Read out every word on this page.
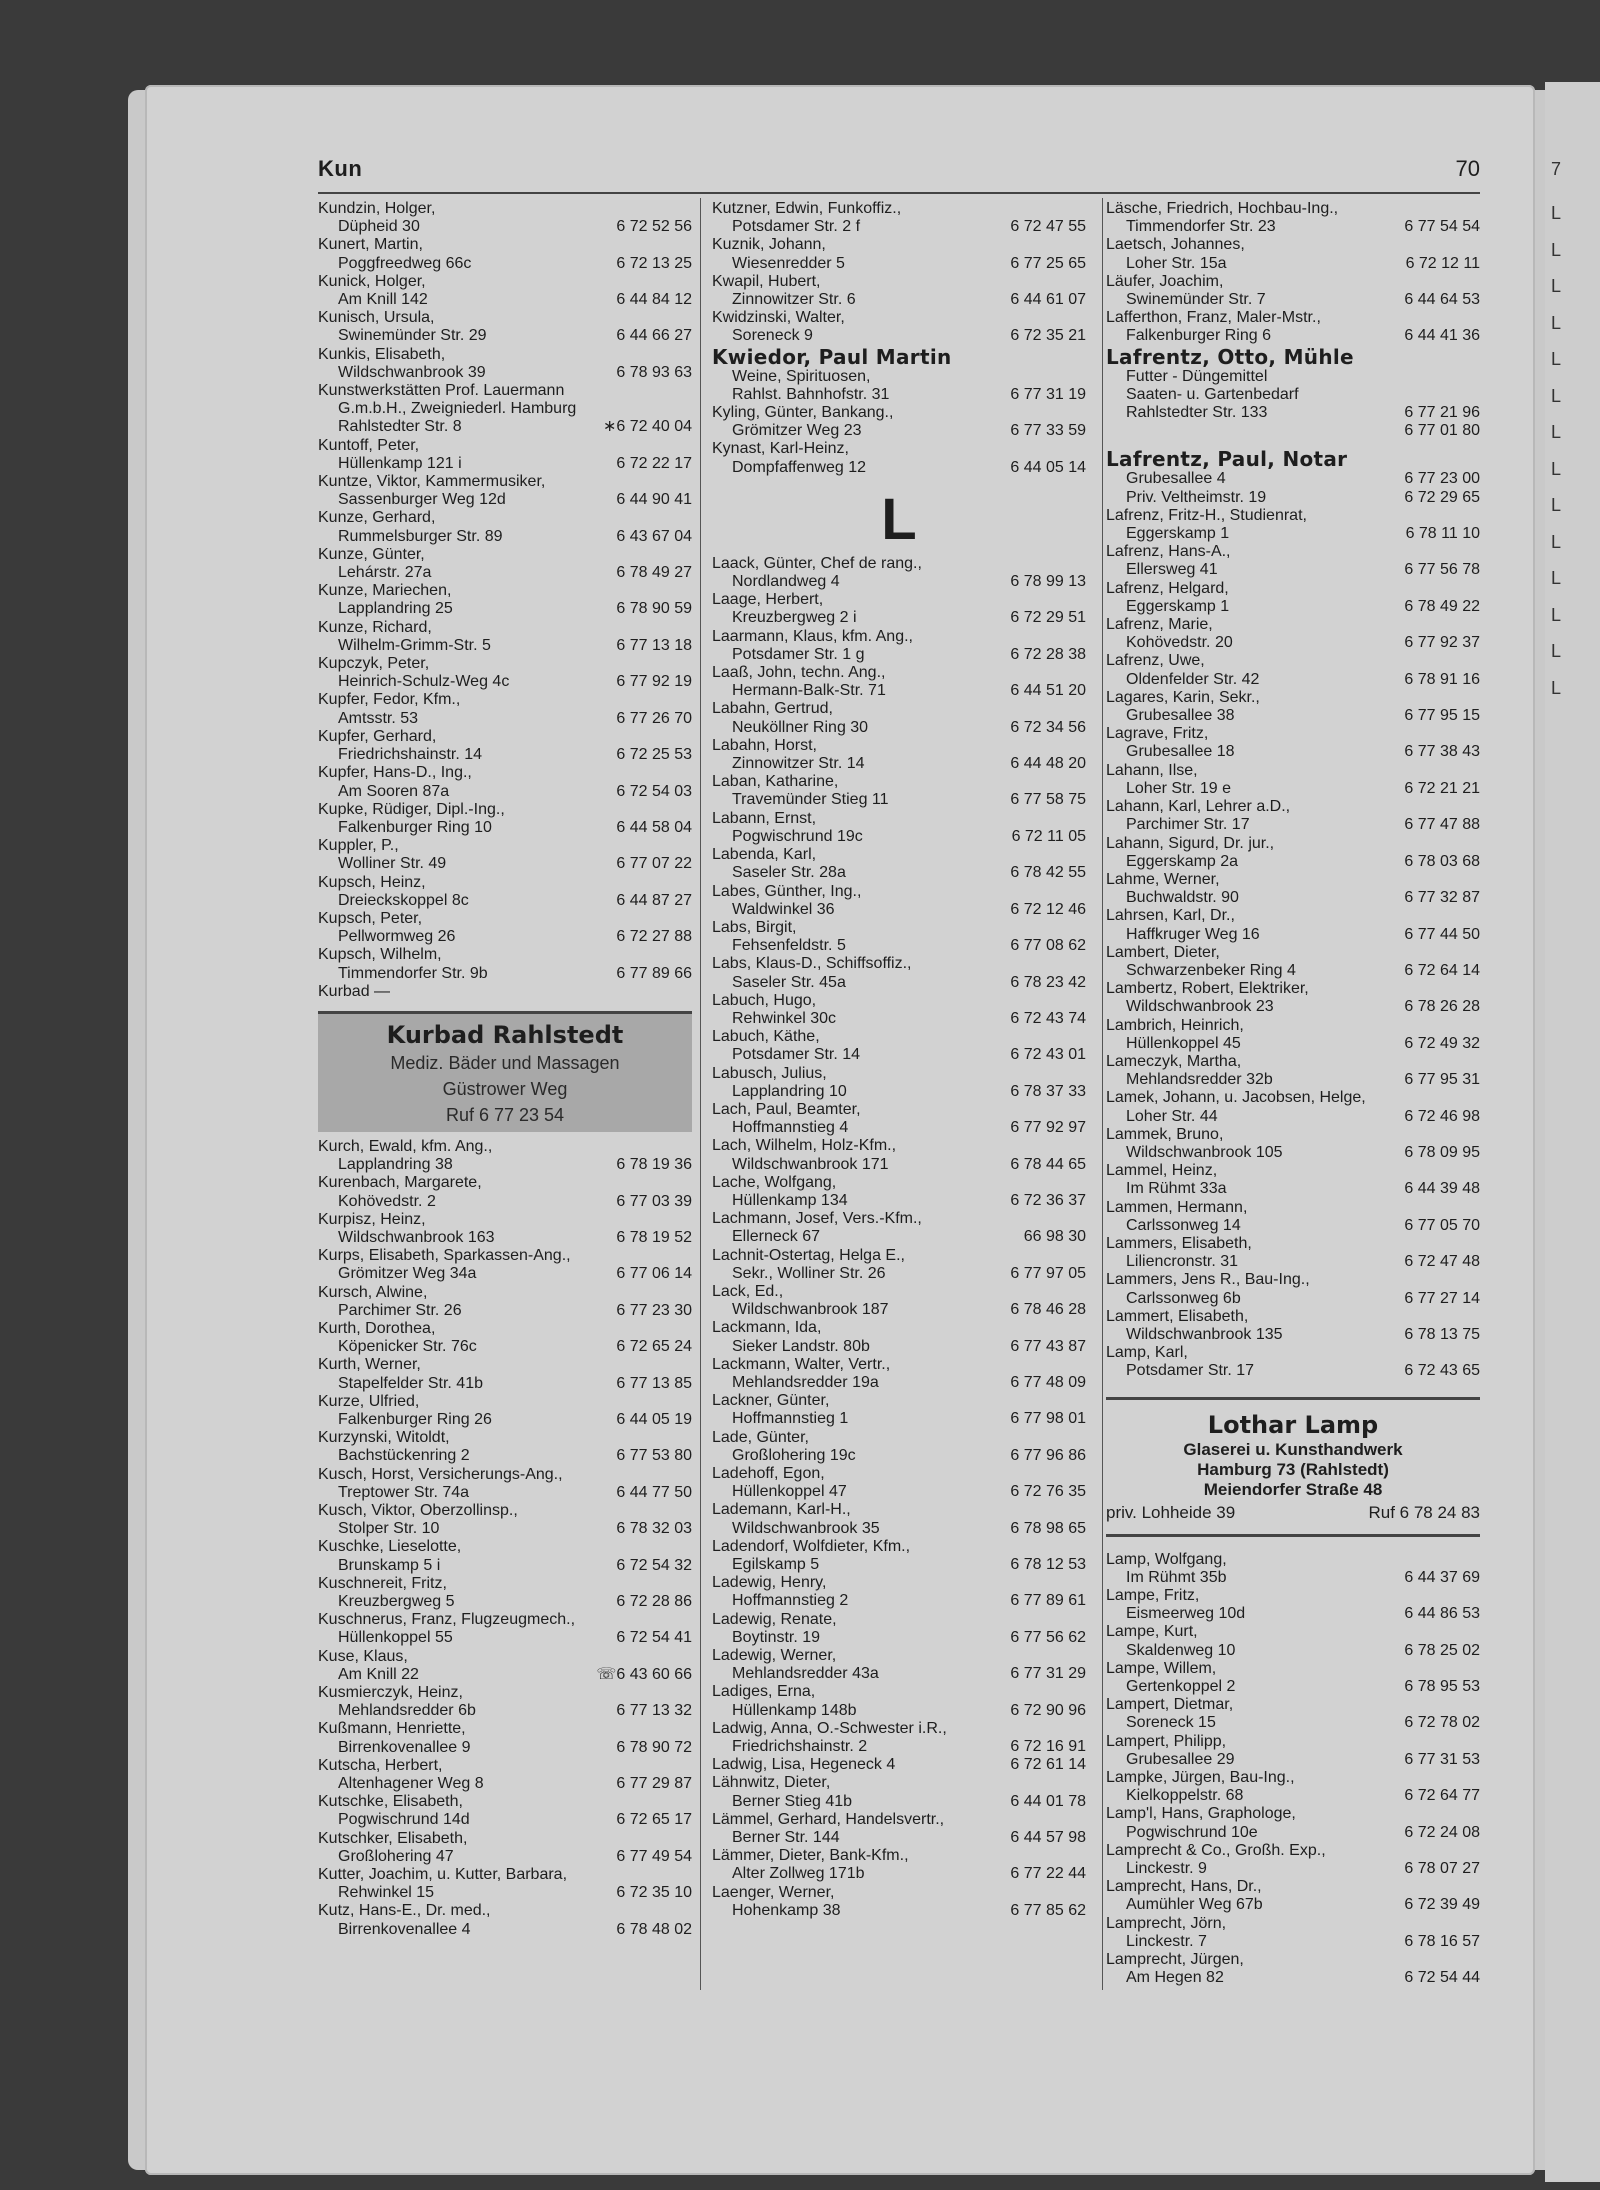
7
L
L
L
L
L
L
L
L
L
L
L
L
L
L
Kun	70
Kundzin, Holger,
Düpheid 30	6 72 52 56
Kunert, Martin,
Poggfreedweg 66c	6 72 13 25
Kunick, Holger,
Am Knill 142	6 44 84 12
Kunisch, Ursula,
Swinemünder Str. 29	6 44 66 27
Kunkis, Elisabeth,
Wildschwanbrook 39	6 78 93 63
Kunstwerkstätten Prof. Lauermann
G.m.b.H., Zweigniederl. Hamburg
Rahlstedter Str. 8	∗6 72 40 04
Kuntoff, Peter,
Hüllenkamp 121 i	6 72 22 17
Kuntze, Viktor, Kammermusiker,
Sassenburger Weg 12d	6 44 90 41
Kunze, Gerhard,
Rummelsburger Str. 89	6 43 67 04
Kunze, Günter,
Lehárstr. 27a	6 78 49 27
Kunze, Mariechen,
Lapplandring 25	6 78 90 59
Kunze, Richard,
Wilhelm-Grimm-Str. 5	6 77 13 18
Kupczyk, Peter,
Heinrich-Schulz-Weg 4c	6 77 92 19
Kupfer, Fedor, Kfm.,
Amtsstr. 53	6 77 26 70
Kupfer, Gerhard,
Friedrichshainstr. 14	6 72 25 53
Kupfer, Hans-D., Ing.,
Am Sooren 87a	6 72 54 03
Kupke, Rüdiger, Dipl.-Ing.,
Falkenburger Ring 10	6 44 58 04
Kuppler, P.,
Wolliner Str. 49	6 77 07 22
Kupsch, Heinz,
Dreieckskoppel 8c	6 44 87 27
Kupsch, Peter,
Pellwormweg 26	6 72 27 88
Kupsch, Wilhelm,
Timmendorfer Str. 9b	6 77 89 66
Kurbad —
Kurbad Rahlstedt
Mediz. Bäder und Massagen
Güstrower Weg
Ruf 6 77 23 54
Kurch, Ewald, kfm. Ang.,
Lapplandring 38	6 78 19 36
Kurenbach, Margarete,
Kohövedstr. 2	6 77 03 39
Kurpisz, Heinz,
Wildschwanbrook 163	6 78 19 52
Kurps, Elisabeth, Sparkassen-Ang.,
Grömitzer Weg 34a	6 77 06 14
Kursch, Alwine,
Parchimer Str. 26	6 77 23 30
Kurth, Dorothea,
Köpenicker Str. 76c	6 72 65 24
Kurth, Werner,
Stapelfelder Str. 41b	6 77 13 85
Kurze, Ulfried,
Falkenburger Ring 26	6 44 05 19
Kurzynski, Witoldt,
Bachstückenring 2	6 77 53 80
Kusch, Horst, Versicherungs-Ang.,
Treptower Str. 74a	6 44 77 50
Kusch, Viktor, Oberzollinsp.,
Stolper Str. 10	6 78 32 03
Kuschke, Lieselotte,
Brunskamp 5 i	6 72 54 32
Kuschnereit, Fritz,
Kreuzbergweg 5	6 72 28 86
Kuschnerus, Franz, Flugzeugmech.,
Hüllenkoppel 55	6 72 54 41
Kuse, Klaus,
Am Knill 22	☏6 43 60 66
Kusmierczyk, Heinz,
Mehlandsredder 6b	6 77 13 32
Kußmann, Henriette,
Birrenkovenallee 9	6 78 90 72
Kutscha, Herbert,
Altenhagener Weg 8	6 77 29 87
Kutschke, Elisabeth,
Pogwischrund 14d	6 72 65 17
Kutschker, Elisabeth,
Großlohering 47	6 77 49 54
Kutter, Joachim, u. Kutter, Barbara,
Rehwinkel 15	6 72 35 10
Kutz, Hans-E., Dr. med.,
Birrenkovenallee 4	6 78 48 02
Kutzner, Edwin, Funkoffiz.,
Potsdamer Str. 2 f	6 72 47 55
Kuznik, Johann,
Wiesenredder 5	6 77 25 65
Kwapil, Hubert,
Zinnowitzer Str. 6	6 44 61 07
Kwidzinski, Walter,
Soreneck 9	6 72 35 21
Kwiedor, Paul Martin
Weine, Spirituosen,
Rahlst. Bahnhofstr. 31	6 77 31 19
Kyling, Günter, Bankang.,
Grömitzer Weg 23	6 77 33 59
Kynast, Karl-Heinz,
Dompfaffenweg 12	6 44 05 14
L
Laack, Günter, Chef de rang.,
Nordlandweg 4	6 78 99 13
Laage, Herbert,
Kreuzbergweg 2 i	6 72 29 51
Laarmann, Klaus, kfm. Ang.,
Potsdamer Str. 1 g	6 72 28 38
Laaß, John, techn. Ang.,
Hermann-Balk-Str. 71	6 44 51 20
Labahn, Gertrud,
Neuköllner Ring 30	6 72 34 56
Labahn, Horst,
Zinnowitzer Str. 14	6 44 48 20
Laban, Katharine,
Travemünder Stieg 11	6 77 58 75
Labann, Ernst,
Pogwischrund 19c	6 72 11 05
Labenda, Karl,
Saseler Str. 28a	6 78 42 55
Labes, Günther, Ing.,
Waldwinkel 36	6 72 12 46
Labs, Birgit,
Fehsenfeldstr. 5	6 77 08 62
Labs, Klaus-D., Schiffsoffiz.,
Saseler Str. 45a	6 78 23 42
Labuch, Hugo,
Rehwinkel 30c	6 72 43 74
Labuch, Käthe,
Potsdamer Str. 14	6 72 43 01
Labusch, Julius,
Lapplandring 10	6 78 37 33
Lach, Paul, Beamter,
Hoffmannstieg 4	6 77 92 97
Lach, Wilhelm, Holz-Kfm.,
Wildschwanbrook 171	6 78 44 65
Lache, Wolfgang,
Hüllenkamp 134	6 72 36 37
Lachmann, Josef, Vers.-Kfm.,
Ellerneck 67	66 98 30
Lachnit-Ostertag, Helga E.,
Sekr., Wolliner Str. 26	6 77 97 05
Lack, Ed.,
Wildschwanbrook 187	6 78 46 28
Lackmann, Ida,
Sieker Landstr. 80b	6 77 43 87
Lackmann, Walter, Vertr.,
Mehlandsredder 19a	6 77 48 09
Lackner, Günter,
Hoffmannstieg 1	6 77 98 01
Lade, Günter,
Großlohering 19c	6 77 96 86
Ladehoff, Egon,
Hüllenkoppel 47	6 72 76 35
Lademann, Karl-H.,
Wildschwanbrook 35	6 78 98 65
Ladendorf, Wolfdieter, Kfm.,
Egilskamp 5	6 78 12 53
Ladewig, Henry,
Hoffmannstieg 2	6 77 89 61
Ladewig, Renate,
Boytinstr. 19	6 77 56 62
Ladewig, Werner,
Mehlandsredder 43a	6 77 31 29
Ladiges, Erna,
Hüllenkamp 148b	6 72 90 96
Ladwig, Anna, O.-Schwester i.R.,
Friedrichshainstr. 2	6 72 16 91
Ladwig, Lisa, Hegeneck 4	6 72 61 14
Lähnwitz, Dieter,
Berner Stieg 41b	6 44 01 78
Lämmel, Gerhard, Handelsvertr.,
Berner Str. 144	6 44 57 98
Lämmer, Dieter, Bank-Kfm.,
Alter Zollweg 171b	6 77 22 44
Laenger, Werner,
Hohenkamp 38	6 77 85 62
Läsche, Friedrich, Hochbau-Ing.,
Timmendorfer Str. 23	6 77 54 54
Laetsch, Johannes,
Loher Str. 15a	6 72 12 11
Läufer, Joachim,
Swinemünder Str. 7	6 44 64 53
Lafferthon, Franz, Maler-Mstr.,
Falkenburger Ring 6	6 44 41 36
Lafrentz, Otto, Mühle
Futter - Düngemittel
Saaten- u. Gartenbedarf
Rahlstedter Str. 133	6 77 21 96
6 77 01 80
Lafrentz, Paul, Notar
Grubesallee 4	6 77 23 00
Priv. Veltheimstr. 19	6 72 29 65
Lafrenz, Fritz-H., Studienrat,
Eggerskamp 1	6 78 11 10
Lafrenz, Hans-A.,
Ellersweg 41	6 77 56 78
Lafrenz, Helgard,
Eggerskamp 1	6 78 49 22
Lafrenz, Marie,
Kohövedstr. 20	6 77 92 37
Lafrenz, Uwe,
Oldenfelder Str. 42	6 78 91 16
Lagares, Karin, Sekr.,
Grubesallee 38	6 77 95 15
Lagrave, Fritz,
Grubesallee 18	6 77 38 43
Lahann, Ilse,
Loher Str. 19 e	6 72 21 21
Lahann, Karl, Lehrer a.D.,
Parchimer Str. 17	6 77 47 88
Lahann, Sigurd, Dr. jur.,
Eggerskamp 2a	6 78 03 68
Lahme, Werner,
Buchwaldstr. 90	6 77 32 87
Lahrsen, Karl, Dr.,
Haffkruger Weg 16	6 77 44 50
Lambert, Dieter,
Schwarzenbeker Ring 4	6 72 64 14
Lambertz, Robert, Elektriker,
Wildschwanbrook 23	6 78 26 28
Lambrich, Heinrich,
Hüllenkoppel 45	6 72 49 32
Lameczyk, Martha,
Mehlandsredder 32b	6 77 95 31
Lamek, Johann, u. Jacobsen, Helge,
Loher Str. 44	6 72 46 98
Lammek, Bruno,
Wildschwanbrook 105	6 78 09 95
Lammel, Heinz,
Im Rühmt 33a	6 44 39 48
Lammen, Hermann,
Carlssonweg 14	6 77 05 70
Lammers, Elisabeth,
Liliencronstr. 31	6 72 47 48
Lammers, Jens R., Bau-Ing.,
Carlssonweg 6b	6 77 27 14
Lammert, Elisabeth,
Wildschwanbrook 135	6 78 13 75
Lamp, Karl,
Potsdamer Str. 17	6 72 43 65
Lothar Lamp
Glaserei u. Kunsthandwerk
Hamburg 73 (Rahlstedt)
Meiendorfer Straße 48
priv. Lohheide 39	Ruf 6 78 24 83
Lamp, Wolfgang,
Im Rühmt 35b	6 44 37 69
Lampe, Fritz,
Eismeerweg 10d	6 44 86 53
Lampe, Kurt,
Skaldenweg 10	6 78 25 02
Lampe, Willem,
Gertenkoppel 2	6 78 95 53
Lampert, Dietmar,
Soreneck 15	6 72 78 02
Lampert, Philipp,
Grubesallee 29	6 77 31 53
Lampke, Jürgen, Bau-Ing.,
Kielkoppelstr. 68	6 72 64 77
Lamp'l, Hans, Graphologe,
Pogwischrund 10e	6 72 24 08
Lamprecht & Co., Großh. Exp.,
Linckestr. 9	6 78 07 27
Lamprecht, Hans, Dr.,
Aumühler Weg 67b	6 72 39 49
Lamprecht, Jörn,
Linckestr. 7	6 78 16 57
Lamprecht, Jürgen,
Am Hegen 82	6 72 54 44
